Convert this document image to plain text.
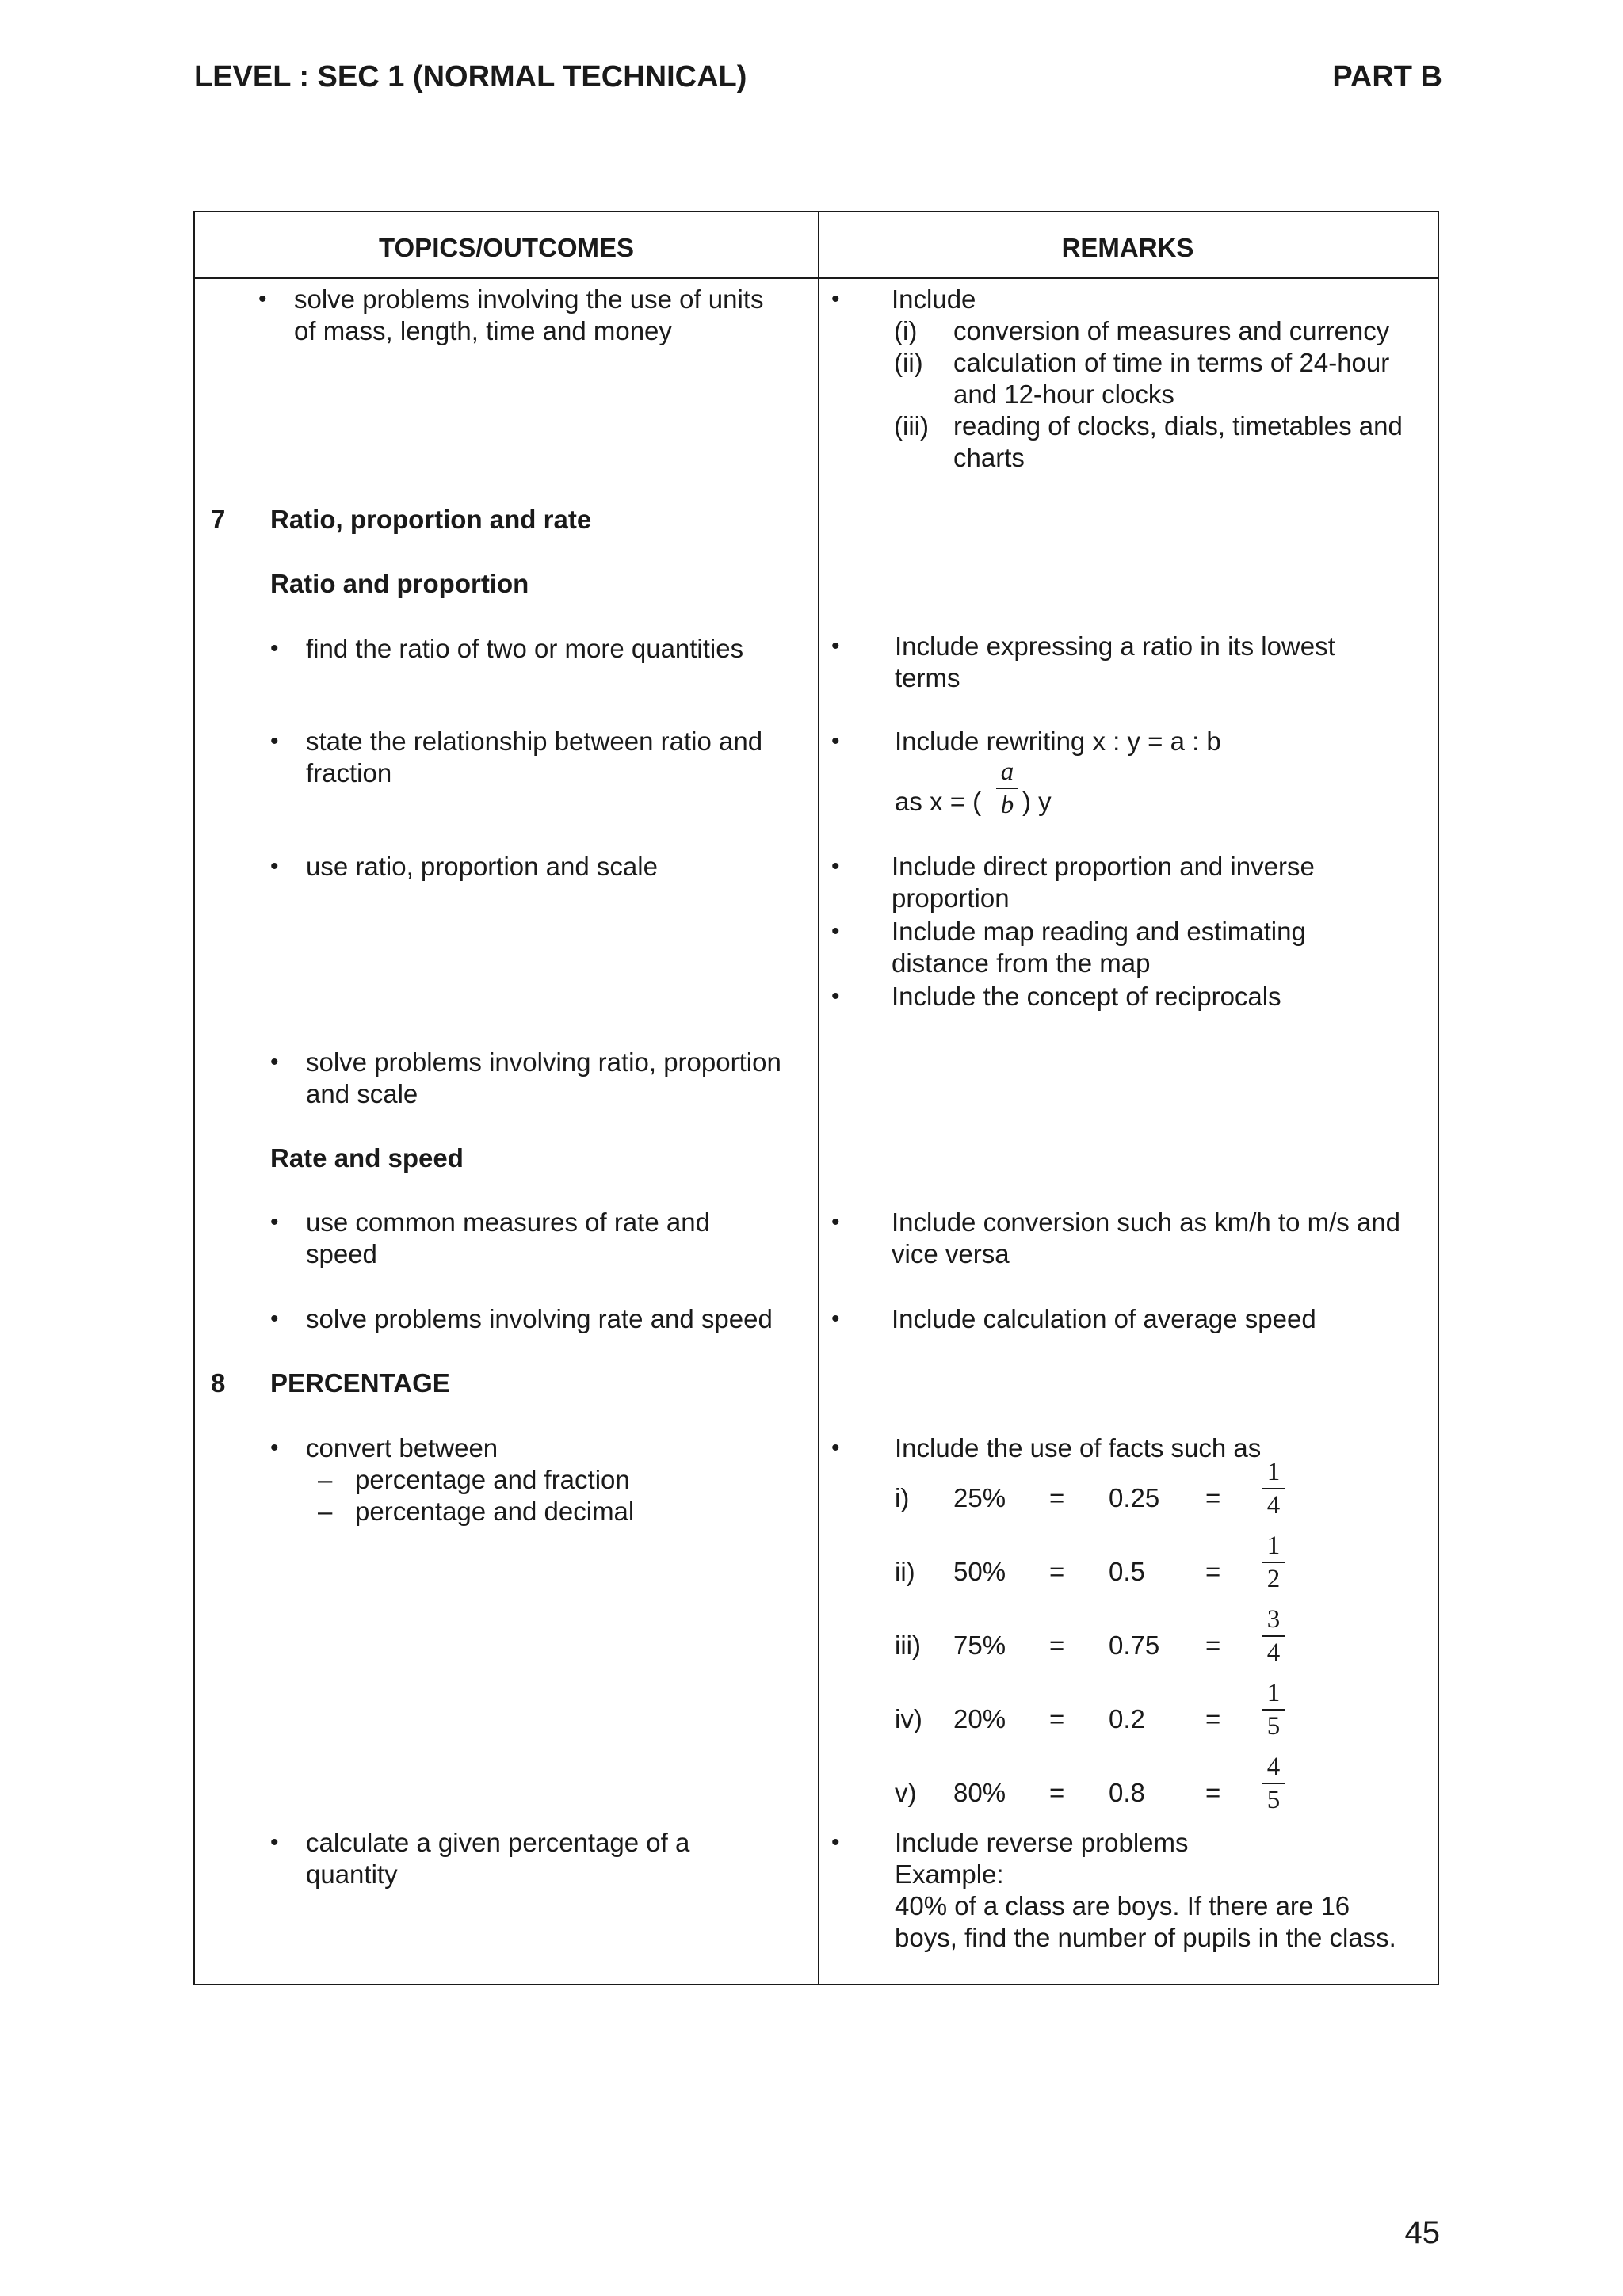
LEVEL : SEC 1 (NORMAL TECHNICAL)	PART B
TOPICS/OUTCOMES	REMARKS
• solve problems involving the use of units
of mass, length, time and money
7 Ratio, proportion and rate
Ratio and proportion
• find the ratio of two or more quantities
• state the relationship between ratio and
fraction
• use ratio, proportion and scale
• solve problems involving ratio, proportion
and scale
Rate and speed
• use common measures of rate and
speed
• solve problems involving rate and speed
8 PERCENTAGE
• convert between
– percentage and fraction
– percentage and decimal
• calculate a given percentage of a
quantity
• Include
(i) conversion of measures and currency
(ii) calculation of time in terms of 24-hour
and 12-hour clocks
(iii) reading of clocks, dials, timetables and
charts
• Include expressing a ratio in its lowest
terms
• Include rewriting x : y = a : b
as x = (
a
b ) y
• Include direct proportion and inverse
proportion
• Include map reading and estimating
distance from the map
• Include the concept of reciprocals
• Include conversion such as km/h to m/s and
vice versa
• Include calculation of average speed
• Include the use of facts such as
i) 25% = 0.25 =
1
4
ii) 50% = 0.5 =
1
2
iii) 75% = 0.75 =
3
4
iv) 20% = 0.2 =
1
5
v) 80% = 0.8 =
4
5
• Include reverse problems
Example:
40% of a class are boys. If there are 16
boys, find the number of pupils in the class.
45
